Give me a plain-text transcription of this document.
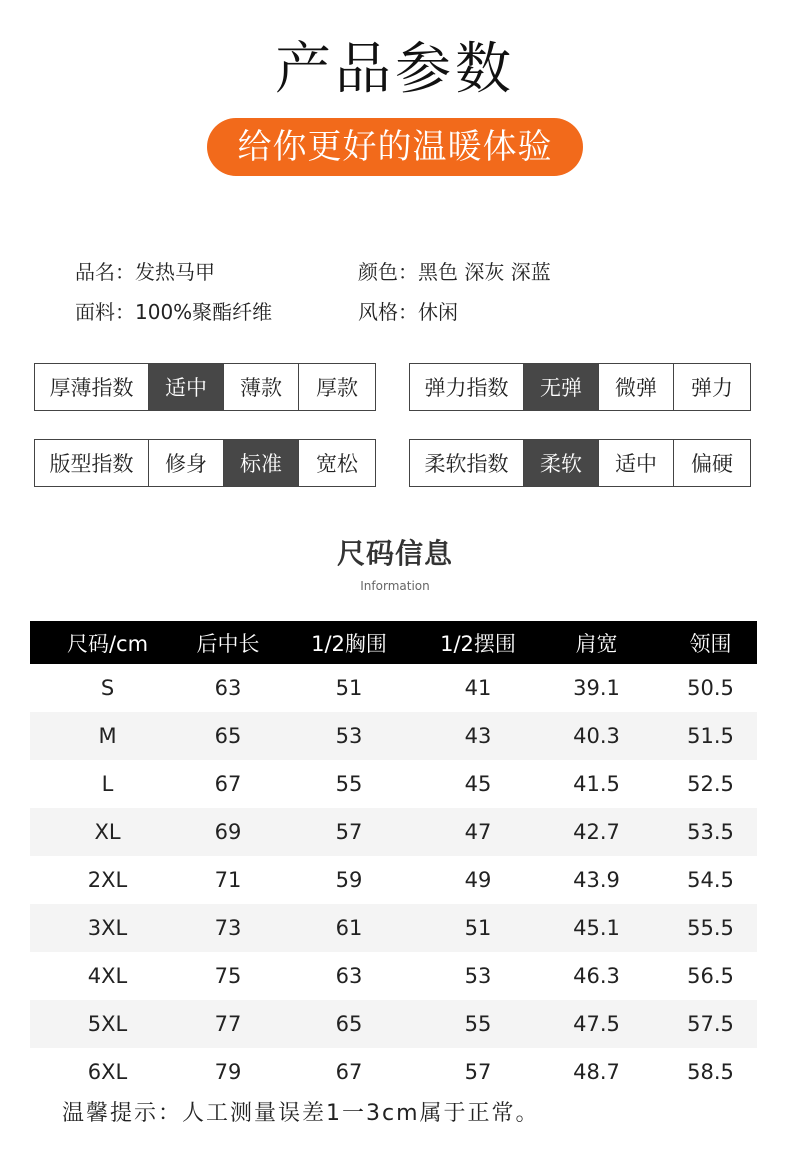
产品参数
给你更好的温暖体验
品名：发热马甲	颜色：黑色 深灰 深蓝
面料：100%聚酯纤维	风格：休闲
厚薄指数	适中	薄款	厚款	弹力指数	无弹	微弹	弹力
版型指数	修身	标准	宽松	柔软指数	柔软	适中	偏硬
尺码信息
Information
尺码/cm	后中长	1/2胸围	1/2摆围	肩宽	领围
S	63	51	41	39.1	50.5
M	65	53	43	40.3	51.5
L	67	55	45	41.5	52.5
XL	69	57	47	42.7	53.5
2XL	71	59	49	43.9	54.5
3XL	73	61	51	45.1	55.5
4XL	75	63	53	46.3	56.5
5XL	77	65	55	47.5	57.5
6XL	79	67	57	48.7	58.5
温馨提示：人工测量误差1一3cm属于正常。
